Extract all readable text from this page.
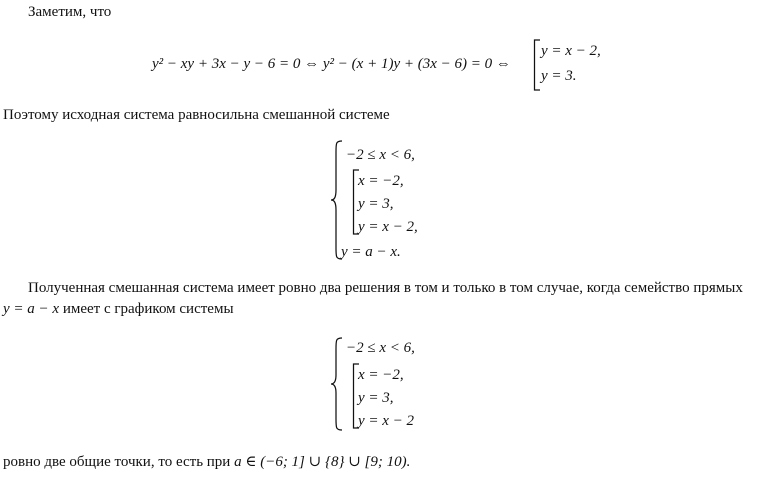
Заметим, что
y² − xy + 3x − y − 6 = 0 ⇔ y² − (x + 1)y + (3x − 6) = 0 ⇔
y = x − 2,
y = 3.
Поэтому исходная система равносильна смешанной системе
−2 ≤ x < 6,
x = −2,
y = 3,
y = x − 2,
y = a − x.
Полученная смешанная система имеет ровно два решения в том и только в том случае, когда семейство прямых
y = a − x имеет с графиком системы
−2 ≤ x < 6,
x = −2,
y = 3,
y = x − 2
ровно две общие точки, то есть при a ∈ (−6; 1] ∪ {8} ∪ [9; 10).
